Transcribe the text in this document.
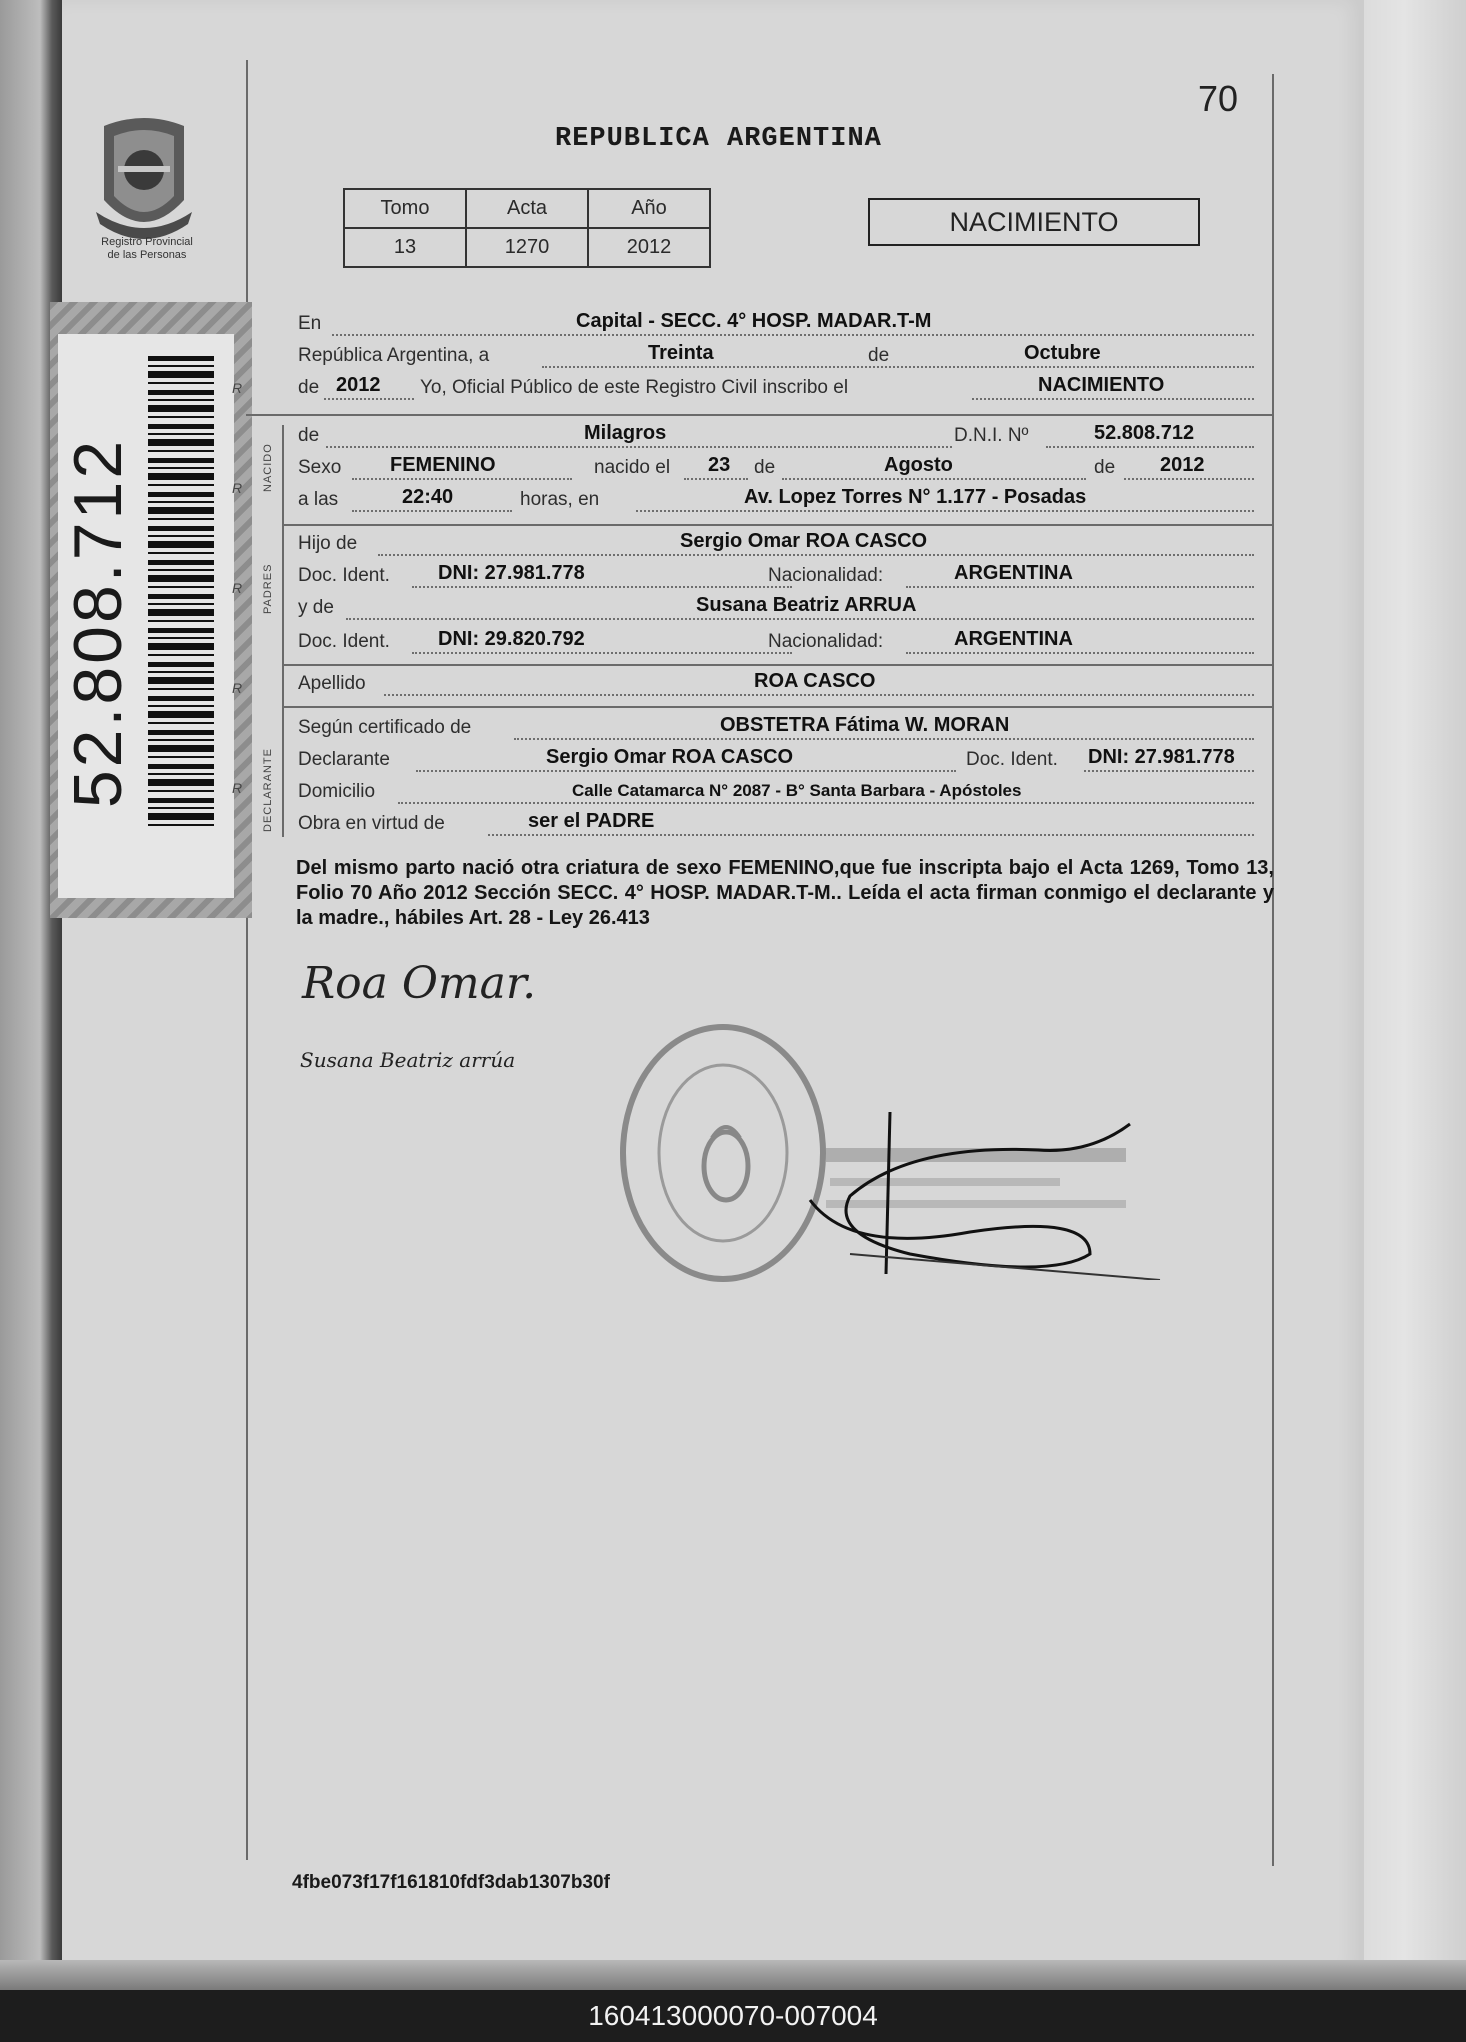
Registro Provincial
de las Personas
52.808.712
R
R
R
R
R
70
REPUBLICA ARGENTINA
Tomo	Acta	Año
13	1270	2012
NACIMIENTO
NACIDO
PADRES
DECLARANTE
En	Capital - SECC. 4° HOSP. MADAR.T-M
República Argentina, a	Treinta	de	Octubre
de 2012 Yo, Oficial Público de este Registro Civil inscribo el	NACIMIENTO
de	Milagros	D.N.I. Nº	52.808.712
Sexo FEMENINO	nacido el 23 de	Agosto	de 2012
a las	22:40	horas, en	Av. Lopez Torres N° 1.177 - Posadas
Hijo de	Sergio Omar ROA CASCO
Doc. Ident. DNI: 27.981.778	Nacionalidad:	ARGENTINA
y de	Susana Beatriz ARRUA
Doc. Ident. DNI: 29.820.792	Nacionalidad:	ARGENTINA
Apellido	ROA CASCO
Según certificado de	OBSTETRA Fátima W. MORAN
Declarante	Sergio Omar ROA CASCO	Doc. Ident. DNI: 27.981.778
Domicilio	Calle Catamarca N° 2087 - B° Santa Barbara - Apóstoles
Obra en virtud de	ser el PADRE
Del mismo parto nació otra criatura de sexo FEMENINO,que fue inscripta bajo el Acta 1269, Tomo 13, Folio 70 Año 2012 Sección SECC. 4° HOSP. MADAR.T-M.. Leída el acta firman conmigo el declarante y la madre., hábiles Art. 28 - Ley 26.413
Roa Omar.
Susana Beatriz arrúa
4fbe073f17f161810fdf3dab1307b30f
160413000070-007004
